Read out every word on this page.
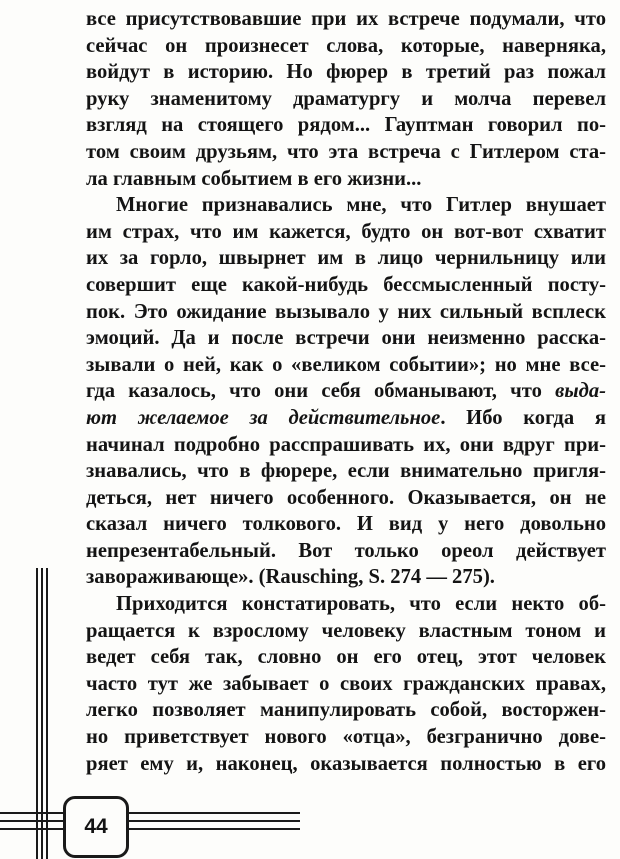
все присутствовавшие при их встрече подумали, что
сейчас он произнесет слова, которые, наверняка,
войдут в историю. Но фюрер в третий раз пожал
руку знаменитому драматургу и молча перевел
взгляд на стоящего рядом... Гауптман говорил по-
том своим друзьям, что эта встреча с Гитлером ста-
ла главным событием в его жизни...
Многие признавались мне, что Гитлер внушает
им страх, что им кажется, будто он вот-вот схватит
их за горло, швырнет им в лицо чернильницу или
совершит еще какой-нибудь бессмысленный посту-
пок. Это ожидание вызывало у них сильный всплеск
эмоций. Да и после встречи они неизменно расска-
зывали о ней, как о «великом событии»; но мне все-
гда казалось, что они себя обманывают, что выда-
ют желаемое за действительное. Ибо когда я
начинал подробно расспрашивать их, они вдруг при-
знавались, что в фюрере, если внимательно пригля-
деться, нет ничего особенного. Оказывается, он не
сказал ничего толкового. И вид у него довольно
непрезентабельный. Вот только ореол действует
завораживающе». (Rausching, S. 274 — 275).
Приходится констатировать, что если некто об-
ращается к взрослому человеку властным тоном и
ведет себя так, словно он его отец, этот человек
часто тут же забывает о своих гражданских правах,
легко позволяет манипулировать собой, восторжен-
но приветствует нового «отца», безгранично дове-
ряет ему и, наконец, оказывается полностью в его
44
